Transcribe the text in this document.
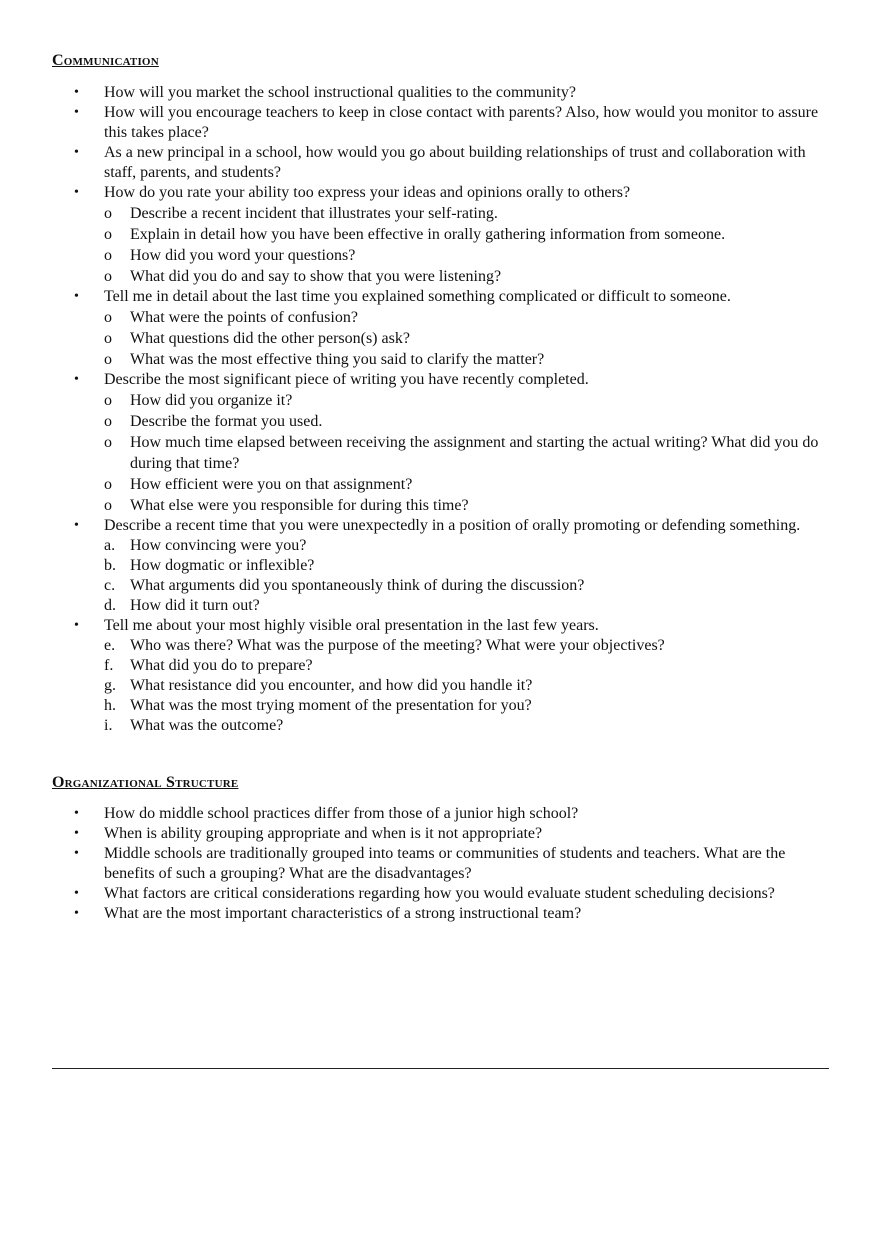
Communication
• How will you market the school instructional qualities to the community?
• How will you encourage teachers to keep in close contact with parents? Also, how would you monitor to assure this takes place?
• As a new principal in a school, how would you go about building relationships of trust and collaboration with staff, parents, and students?
• How do you rate your ability too express your ideas and opinions orally to others?
o Describe a recent incident that illustrates your self-rating.
o Explain in detail how you have been effective in orally gathering information from someone.
o How did you word your questions?
o What did you do and say to show that you were listening?
• Tell me in detail about the last time you explained something complicated or difficult to someone.
o What were the points of confusion?
o What questions did the other person(s) ask?
o What was the most effective thing you said to clarify the matter?
• Describe the most significant piece of writing you have recently completed.
o How did you organize it?
o Describe the format you used.
o How much time elapsed between receiving the assignment and starting the actual writing? What did you do during that time?
o How efficient were you on that assignment?
o What else were you responsible for during this time?
• Describe a recent time that you were unexpectedly in a position of orally promoting or defending something.
a. How convincing were you?
b. How dogmatic or inflexible?
c. What arguments did you spontaneously think of during the discussion?
d. How did it turn out?
• Tell me about your most highly visible oral presentation in the last few years.
e. Who was there? What was the purpose of the meeting? What were your objectives?
f. What did you do to prepare?
g. What resistance did you encounter, and how did you handle it?
h. What was the most trying moment of the presentation for you?
i. What was the outcome?
Organizational Structure
• How do middle school practices differ from those of a junior high school?
• When is ability grouping appropriate and when is it not appropriate?
• Middle schools are traditionally grouped into teams or communities of students and teachers. What are the benefits of such a grouping? What are the disadvantages?
• What factors are critical considerations regarding how you would evaluate student scheduling decisions?
• What are the most important characteristics of a strong instructional team?
